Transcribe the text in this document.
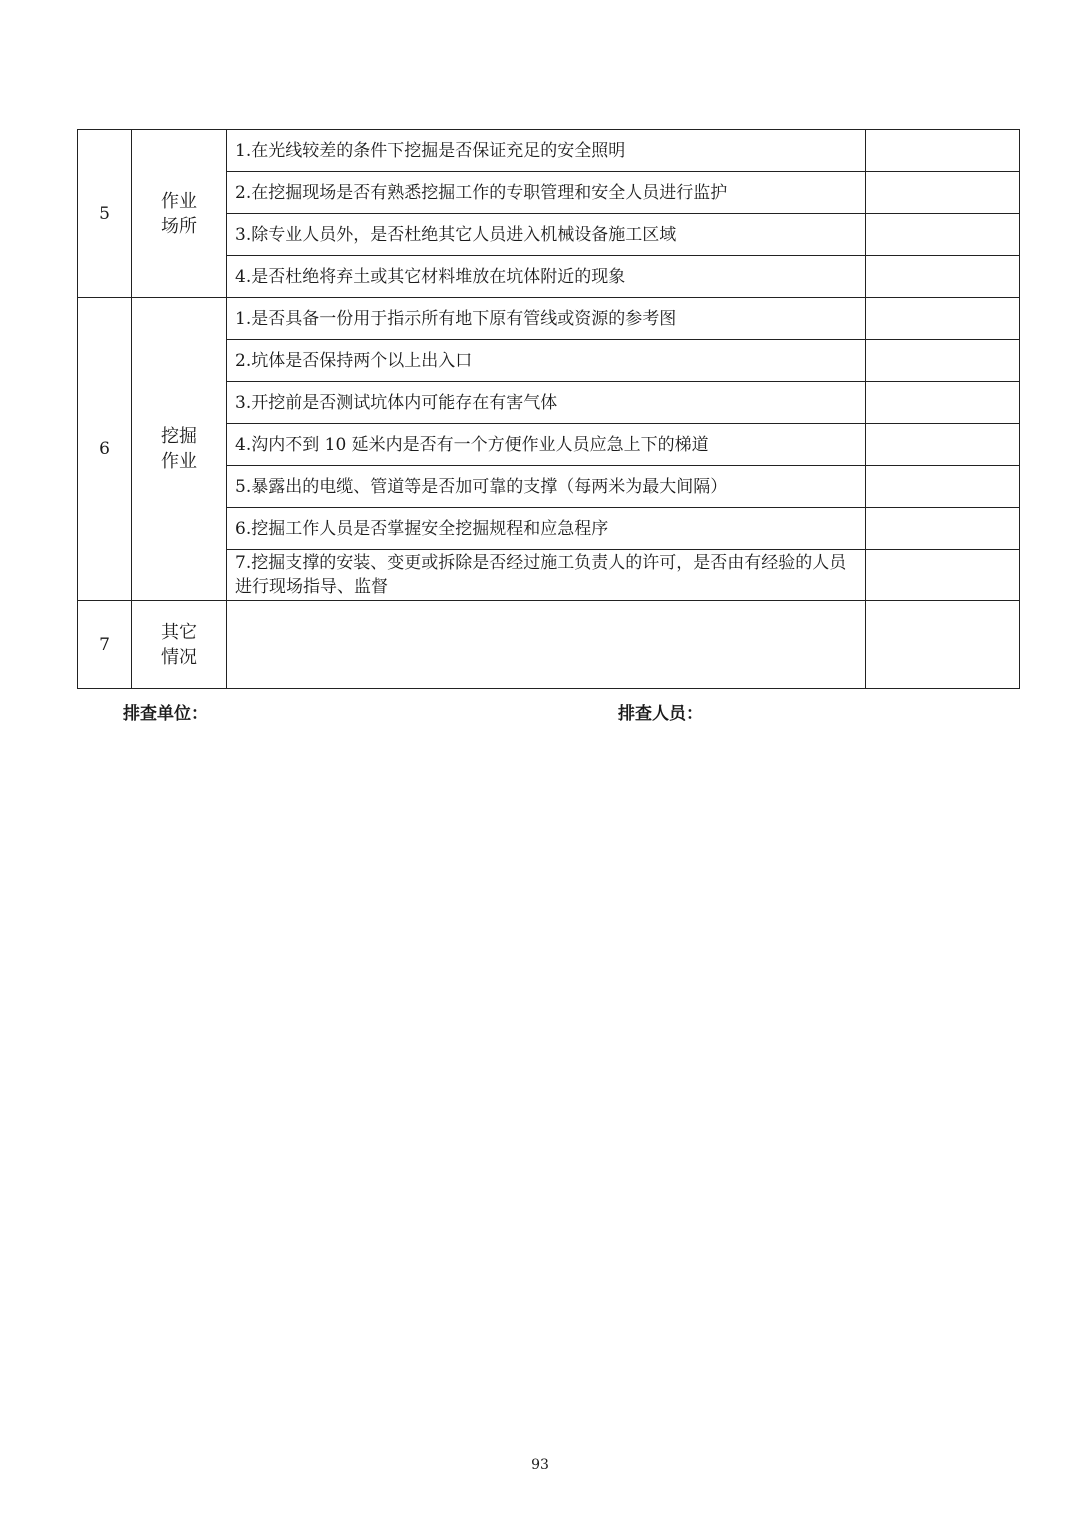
5	作业场所	1.在光线较差的条件下挖掘是否保证充足的安全照明	
		2.在挖掘现场是否有熟悉挖掘工作的专职管理和安全人员进行监护	
		3.除专业人员外，是否杜绝其它人员进入机械设备施工区域	
		4.是否杜绝将弃土或其它材料堆放在坑体附近的现象	
6	挖掘作业	1.是否具备一份用于指示所有地下原有管线或资源的参考图	
		2.坑体是否保持两个以上出入口	
		3.开挖前是否测试坑体内可能存在有害气体	
		4.沟内不到 10 延米内是否有一个方便作业人员应急上下的梯道	
		5.暴露出的电缆、管道等是否加可靠的支撑（每两米为最大间隔）	
		6.挖掘工作人员是否掌握安全挖掘规程和应急程序	
		7.挖掘支撑的安装、变更或拆除是否经过施工负责人的许可，是否由有经验的人员进行现场指导、监督	
7	其它情况		
排查单位：	排查人员：
93
